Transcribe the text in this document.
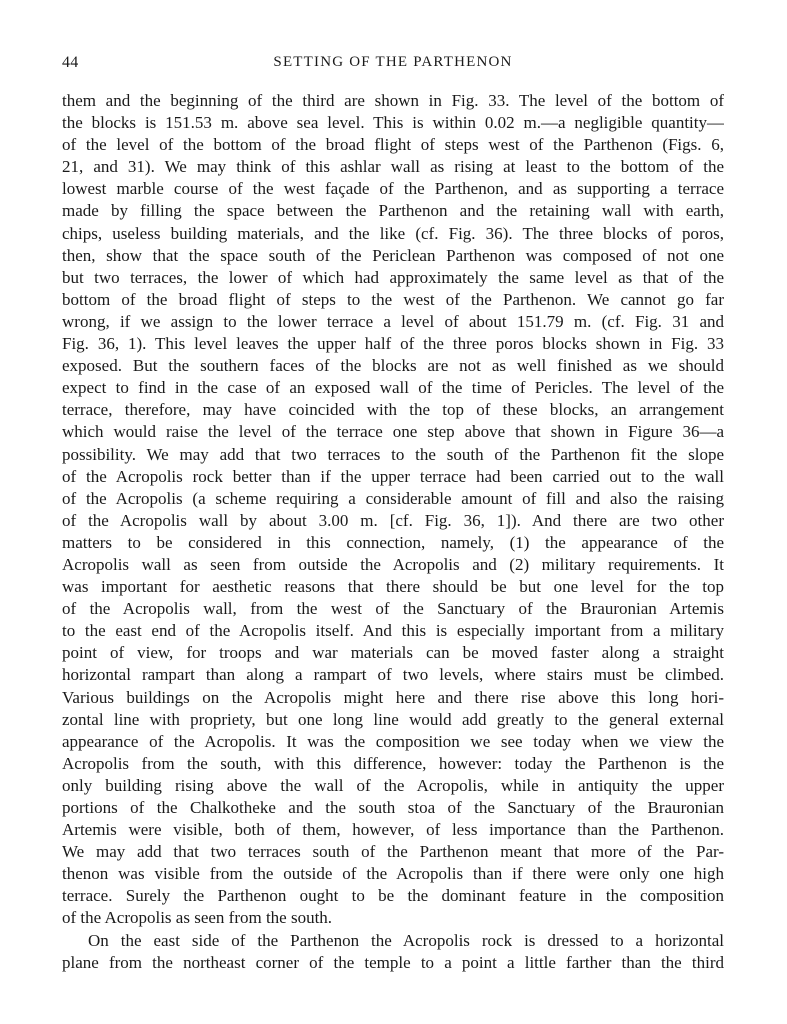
44	SETTING OF THE PARTHENON
them and the beginning of the third are shown in Fig. 33. The level of the bottom of
the blocks is 151.53 m. above sea level. This is within 0.02 m.—a negligible quantity—
of the level of the bottom of the broad flight of steps west of the Parthenon (Figs. 6,
21, and 31). We may think of this ashlar wall as rising at least to the bottom of the
lowest marble course of the west façade of the Parthenon, and as supporting a terrace
made by filling the space between the Parthenon and the retaining wall with earth,
chips, useless building materials, and the like (cf. Fig. 36). The three blocks of poros,
then, show that the space south of the Periclean Parthenon was composed of not one
but two terraces, the lower of which had approximately the same level as that of the
bottom of the broad flight of steps to the west of the Parthenon. We cannot go far
wrong, if we assign to the lower terrace a level of about 151.79 m. (cf. Fig. 31 and
Fig. 36, 1). This level leaves the upper half of the three poros blocks shown in Fig. 33
exposed. But the southern faces of the blocks are not as well finished as we should
expect to find in the case of an exposed wall of the time of Pericles. The level of the
terrace, therefore, may have coincided with the top of these blocks, an arrangement
which would raise the level of the terrace one step above that shown in Figure 36—a
possibility. We may add that two terraces to the south of the Parthenon fit the slope
of the Acropolis rock better than if the upper terrace had been carried out to the wall
of the Acropolis (a scheme requiring a considerable amount of fill and also the raising
of the Acropolis wall by about 3.00 m. [cf. Fig. 36, 1]). And there are two other
matters to be considered in this connection, namely, (1) the appearance of the
Acropolis wall as seen from outside the Acropolis and (2) military requirements. It
was important for aesthetic reasons that there should be but one level for the top
of the Acropolis wall, from the west of the Sanctuary of the Brauronian Artemis
to the east end of the Acropolis itself. And this is especially important from a military
point of view, for troops and war materials can be moved faster along a straight
horizontal rampart than along a rampart of two levels, where stairs must be climbed.
Various buildings on the Acropolis might here and there rise above this long hori-
zontal line with propriety, but one long line would add greatly to the general external
appearance of the Acropolis. It was the composition we see today when we view the
Acropolis from the south, with this difference, however: today the Parthenon is the
only building rising above the wall of the Acropolis, while in antiquity the upper
portions of the Chalkotheke and the south stoa of the Sanctuary of the Brauronian
Artemis were visible, both of them, however, of less importance than the Parthenon.
We may add that two terraces south of the Parthenon meant that more of the Par-
thenon was visible from the outside of the Acropolis than if there were only one high
terrace. Surely the Parthenon ought to be the dominant feature in the composition
of the Acropolis as seen from the south.
On the east side of the Parthenon the Acropolis rock is dressed to a horizontal
plane from the northeast corner of the temple to a point a little farther than the third
